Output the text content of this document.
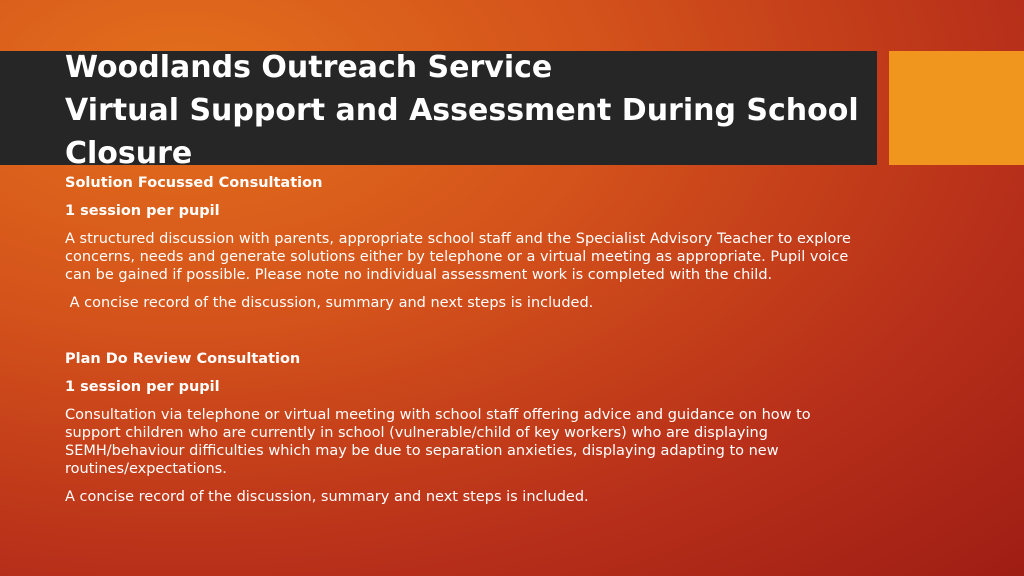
Woodlands Outreach Service
Virtual Support and Assessment During School
Closure

Solution Focussed Consultation

1 session per pupil

A structured discussion with parents, appropriate school staff and the Specialist Advisory Teacher to explore concerns, needs and generate solutions either by telephone or a virtual meeting as appropriate. Pupil voice can be gained if possible. Please note no individual assessment work is completed with the child.

A concise record of the discussion, summary and next steps is included.

Plan Do Review Consultation

1 session per pupil

Consultation via telephone or virtual meeting with school staff offering advice and guidance on how to support children who are currently in school (vulnerable/child of key workers) who are displaying SEMH/behaviour difficulties which may be due to separation anxieties, displaying adapting to new routines/expectations.

A concise record of the discussion, summary and next steps is included.
